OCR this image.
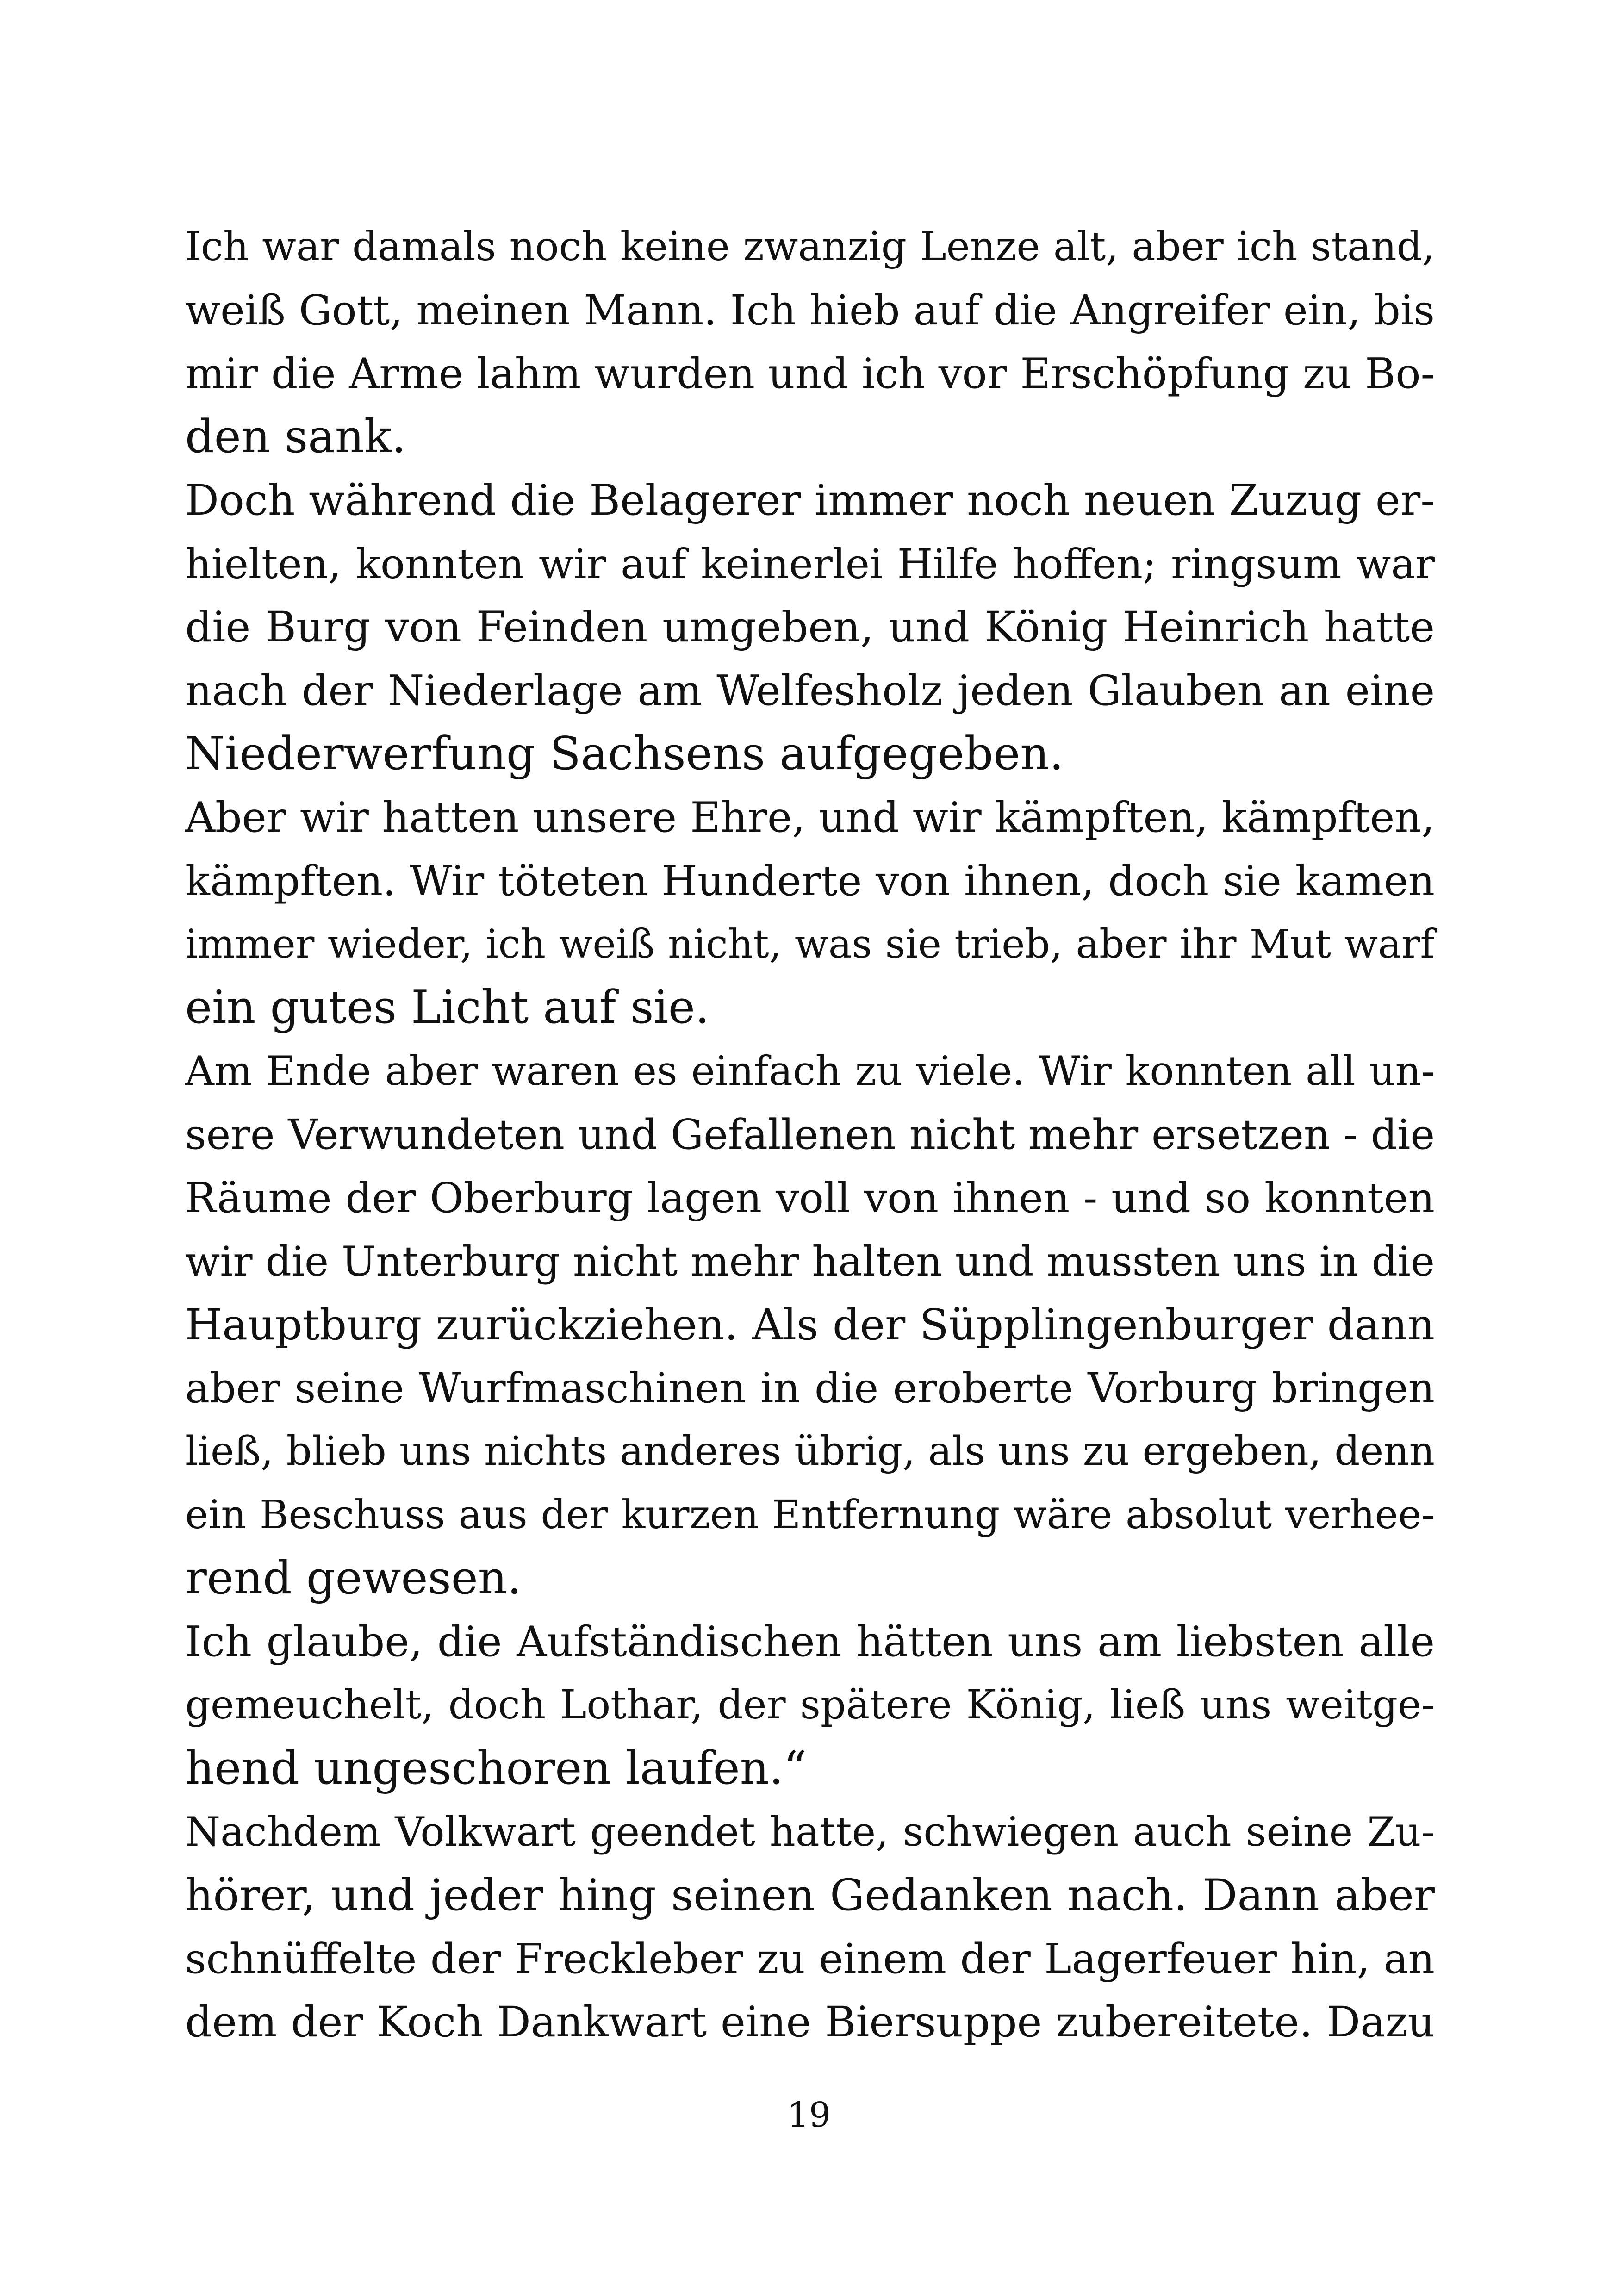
Ich war damals noch keine zwanzig Lenze alt, aber ich stand,
weiß Gott, meinen Mann. Ich hieb auf die Angreifer ein, bis
mir die Arme lahm wurden und ich vor Erschöpfung zu Bo-
den sank.
Doch während die Belagerer immer noch neuen Zuzug er-
hielten, konnten wir auf keinerlei Hilfe hoffen; ringsum war
die Burg von Feinden umgeben, und König Heinrich hatte
nach der Niederlage am Welfesholz jeden Glauben an eine
Niederwerfung Sachsens aufgegeben.
Aber wir hatten unsere Ehre, und wir kämpften, kämpften,
kämpften. Wir töteten Hunderte von ihnen, doch sie kamen
immer wieder, ich weiß nicht, was sie trieb, aber ihr Mut warf
ein gutes Licht auf sie.
Am Ende aber waren es einfach zu viele. Wir konnten all un-
sere Verwundeten und Gefallenen nicht mehr ersetzen - die
Räume der Oberburg lagen voll von ihnen - und so konnten
wir die Unterburg nicht mehr halten und mussten uns in die
Hauptburg zurückziehen. Als der Süpplingenburger dann
aber seine Wurfmaschinen in die eroberte Vorburg bringen
ließ, blieb uns nichts anderes übrig, als uns zu ergeben, denn
ein Beschuss aus der kurzen Entfernung wäre absolut verhee-
rend gewesen.
Ich glaube, die Aufständischen hätten uns am liebsten alle
gemeuchelt, doch Lothar, der spätere König, ließ uns weitge-
hend ungeschoren laufen.“
Nachdem Volkwart geendet hatte, schwiegen auch seine Zu-
hörer, und jeder hing seinen Gedanken nach. Dann aber
schnüffelte der Freckleber zu einem der Lagerfeuer hin, an
dem der Koch Dankwart eine Biersuppe zubereitete. Dazu
19
